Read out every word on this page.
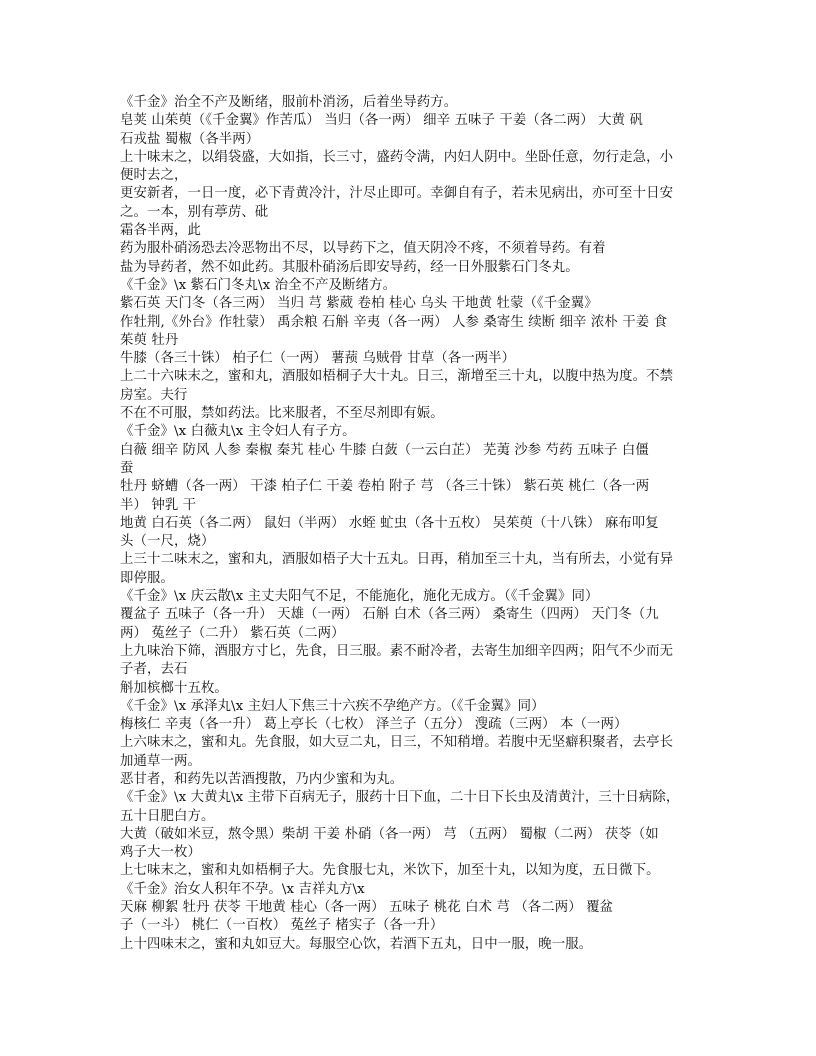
《千金》治全不产及断绪，服前朴消汤，后着坐导药方。
皂荚 山茱萸（《千金翼》作苦瓜） 当归（各一两） 细辛 五味子 干姜（各二两） 大黄 矾
石戎盐 蜀椒（各半两）
上十味末之，以绢袋盛，大如指，长三寸，盛药令满，内妇人阴中。坐卧任意，勿行走急，小
便时去之，
更安新者，一日一度，必下青黄冷汁，汁尽止即可。幸御自有子，若未见病出，亦可至十日安
之。一本，别有葶苈、砒
霜各半两，此
药为服朴硝汤恐去冷恶物出不尽，以导药下之，值天阴冷不疼，不须着导药。有着
盐为导药者，然不如此药。其服朴硝汤后即安导药，经一日外服紫石门冬丸。
《千金》\x 紫石门冬丸\x 治全不产及断绪方。
紫石英 天门冬（各三两） 当归 芎 紫葳 卷柏 桂心 乌头 干地黄 牡蒙（《千金翼》
作牡荆,《外台》作牡蒙） 禹余粮 石斛 辛夷（各一两） 人参 桑寄生 续断 细辛 浓朴 干姜 食
茱萸 牡丹
牛膝（各三十铢） 柏子仁（一两） 薯蓣 乌贼骨 甘草（各一两半）
上二十六味末之，蜜和丸，酒服如梧桐子大十丸。日三，渐增至三十丸，以腹中热为度。不禁
房室。夫行
不在不可服，禁如药法。比来服者，不至尽剂即有娠。
《千金》\x 白薇丸\x 主令妇人有子方。
白薇 细辛 防风 人参 秦椒 秦艽 桂心 牛膝 白蔹（一云白芷） 芜荑 沙参 芍药 五味子 白僵
蚕
牡丹 蛴螬（各一两） 干漆 柏子仁 干姜 卷柏 附子 芎 （各三十铢） 紫石英 桃仁（各一两
半） 钟乳 干
地黄 白石英（各二两） 鼠妇（半两） 水蛭 虻虫（各十五枚） 吴茱萸（十八铢） 麻布叩复
头（一尺，烧）
上三十二味末之，蜜和丸，酒服如梧子大十五丸。日再，稍加至三十丸，当有所去，小觉有异
即停服。
《千金》\x 庆云散\x 主丈夫阳气不足，不能施化，施化无成方。（《千金翼》同）
覆盆子 五味子（各一升） 天雄（一两） 石斛 白术（各三两） 桑寄生（四两） 天门冬（九
两） 菟丝子（二升） 紫石英（二两）
上九味治下筛，酒服方寸匕，先食，日三服。素不耐冷者，去寄生加细辛四两；阳气不少而无
子者，去石
斛加槟榔十五枚。
《千金》\x 承泽丸\x 主妇人下焦三十六疾不孕绝产方。（《千金翼》同）
梅核仁 辛夷（各一升） 葛上亭长（七枚） 泽兰子（五分） 溲疏（三两） 本（一两）
上六味末之，蜜和丸。先食服，如大豆二丸，日三，不知稍增。若腹中无坚癖积聚者，去亭长
加通草一两。
恶甘者，和药先以苦酒搜散，乃内少蜜和为丸。
《千金》\x 大黄丸\x 主带下百病无子，服药十日下血，二十日下长虫及清黄汁，三十日病除，
五十日肥白方。
大黄（破如米豆，熬令黑）柴胡 干姜 朴硝（各一两） 芎 （五两） 蜀椒（二两） 茯苓（如
鸡子大一枚）
上七味末之，蜜和丸如梧桐子大。先食服七丸，米饮下，加至十丸，以知为度，五日微下。
《千金》治女人积年不孕。\x 吉祥丸方\x
天麻 柳絮 牡丹 茯苓 干地黄 桂心（各一两） 五味子 桃花 白术 芎 （各二两） 覆盆
子（一斗） 桃仁（一百枚） 菟丝子 楮实子（各一升）
上十四味末之，蜜和丸如豆大。每服空心饮，若酒下五丸，日中一服，晚一服。
